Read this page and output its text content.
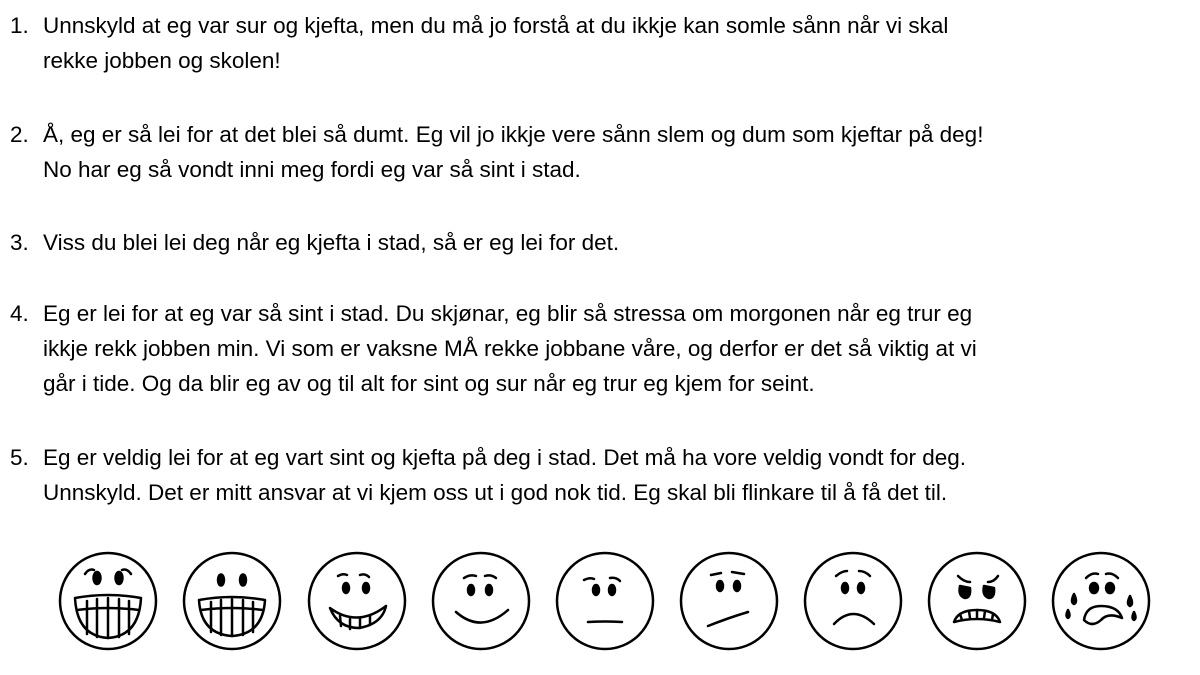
1. Unnskyld at eg var sur og kjefta, men du må jo forstå at du ikkje kan somle sånn når vi skal
rekke jobben og skolen!
2. Å, eg er så lei for at det blei så dumt. Eg vil jo ikkje vere sånn slem og dum som kjeftar på deg!
No har eg så vondt inni meg fordi eg var så sint i stad.
3. Viss du blei lei deg når eg kjefta i stad, så er eg lei for det.
4. Eg er lei for at eg var så sint i stad. Du skjønar, eg blir så stressa om morgonen når eg trur eg
ikkje rekk jobben min. Vi som er vaksne MÅ rekke jobbane våre, og derfor er det så viktig at vi
går i tide. Og da blir eg av og til alt for sint og sur når eg trur eg kjem for seint.
5. Eg er veldig lei for at eg vart sint og kjefta på deg i stad. Det må ha vore veldig vondt for deg.
Unnskyld. Det er mitt ansvar at vi kjem oss ut i god nok tid. Eg skal bli flinkare til å få det til.
